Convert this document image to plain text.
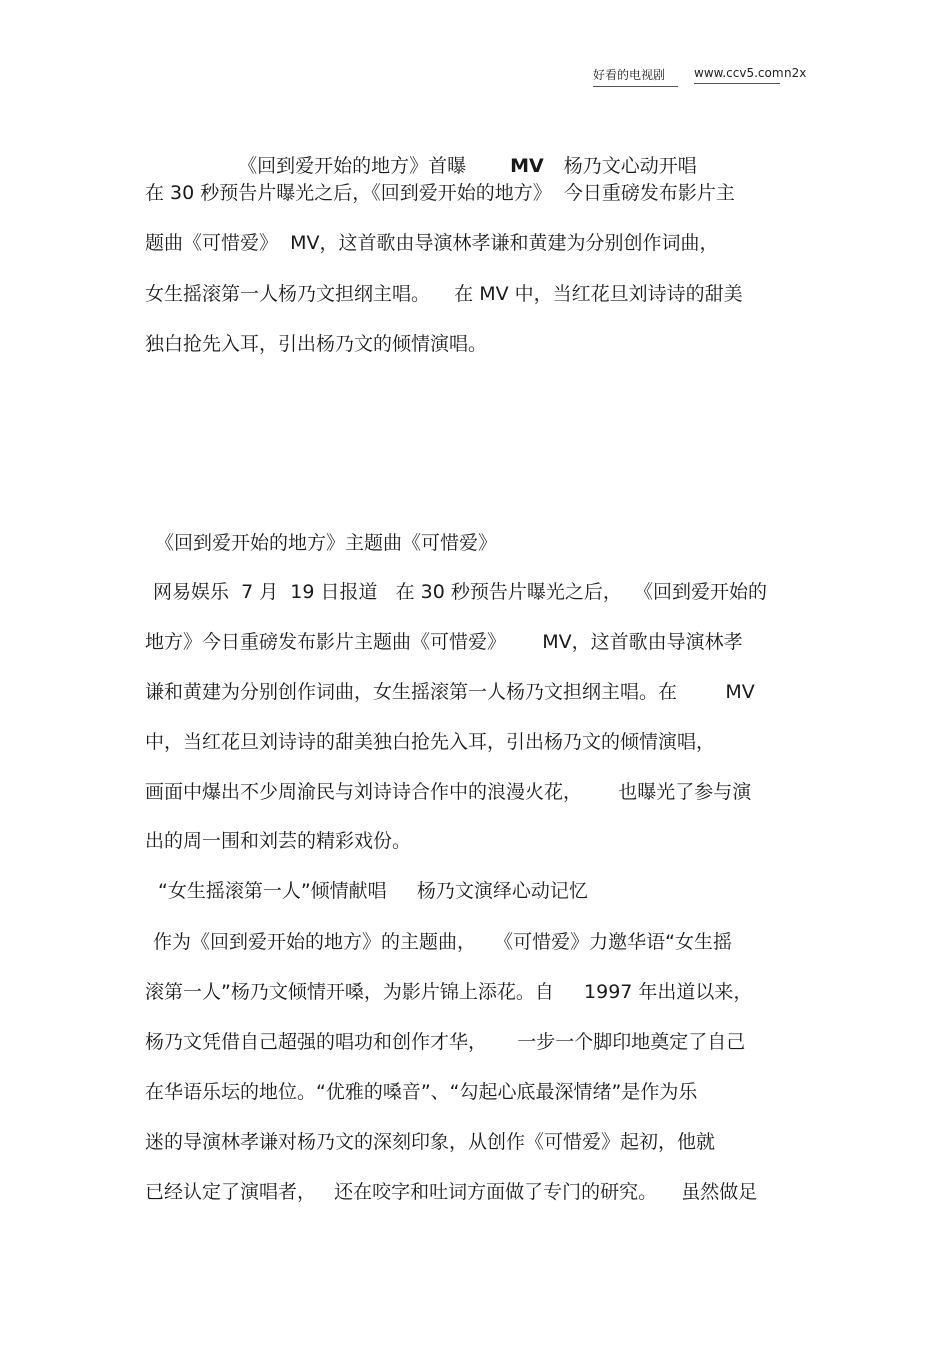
好看的电视剧	www.ccv5.com n2x

《回到爱开始的地方》首曝 MV 杨乃文心动开唱

在 30 秒预告片曝光之后，《回到爱开始的地方》  今日重磅发布影片主
题曲《可惜爱》  MV，这首歌由导演林孝谦和黄建为分别创作词曲，
女生摇滚第一人杨乃文担纲主唱。    在 MV 中，当红花旦刘诗诗的甜美
独白抢先入耳，引出杨乃文的倾情演唱。
《回到爱开始的地方》主题曲《可惜爱》
网易娱乐  7 月  19 日报道   在 30 秒预告片曝光之后，  《回到爱开始的
地方》今日重磅发布影片主题曲《可惜爱》      MV，这首歌由导演林孝
谦和黄建为分别创作词曲，女生摇滚第一人杨乃文担纲主唱。在        MV
中，当红花旦刘诗诗的甜美独白抢先入耳，引出杨乃文的倾情演唱，
画面中爆出不少周渝民与刘诗诗合作中的浪漫火花，      也曝光了参与演
出的周一围和刘芸的精彩戏份。
“女生摇滚第一人”倾情献唱     杨乃文演绎心动记忆
作为《回到爱开始的地方》的主题曲，   《可惜爱》力邀华语“女生摇
滚第一人”杨乃文倾情开嗓，为影片锦上添花。自     1997 年出道以来，
杨乃文凭借自己超强的唱功和创作才华，     一步一个脚印地奠定了自己
在华语乐坛的地位。“优雅的嗓音”、“勾起心底最深情绪”是作为乐
迷的导演林孝谦对杨乃文的深刻印象，从创作《可惜爱》起初，他就
已经认定了演唱者，   还在咬字和吐词方面做了专门的研究。    虽然做足
